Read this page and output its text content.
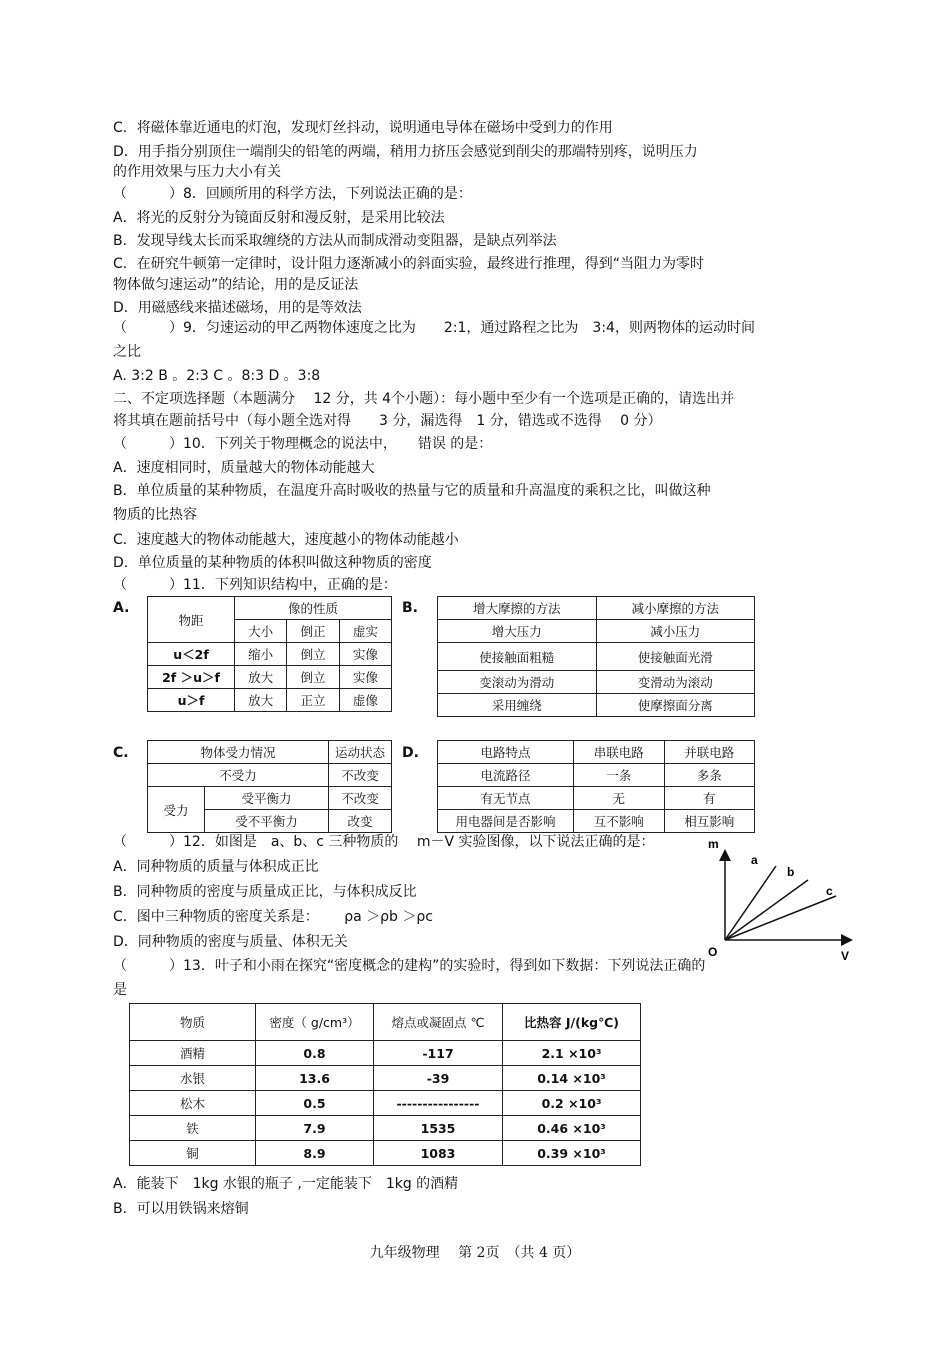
C．将磁体靠近通电的灯泡，发现灯丝抖动，说明通电导体在磁场中受到力的作用
D．用手指分别顶住一端削尖的铅笔的两端，稍用力挤压会感觉到削尖的那端特别疼，说明压力
的作用效果与压力大小有关
（　　　）8．回顾所用的科学方法，下列说法正确的是：
A．将光的反射分为镜面反射和漫反射，是采用比较法
B．发现导线太长而采取缠绕的方法从而制成滑动变阻器，是缺点列举法
C．在研究牛顿第一定律时，设计阻力逐渐减小的斜面实验，最终进行推理，得到“当阻力为零时
物体做匀速运动”的结论，用的是反证法
D．用磁感线来描述磁场，用的是等效法
（　　　）9．匀速运动的甲乙两物体速度之比为　　2:1，通过路程之比为　3:4，则两物体的运动时间
之比
A. 3:2 B 。2:3 C 。8:3 D 。3:8
二、不定项选择题（本题满分　 12 分，共 4个小题）：每小题中至少有一个选项是正确的，请选出并
将其填在题前括号中（每小题全选对得　　3 分，漏选得　1 分，错选或不选得　 0 分）
（　　　）10．下列关于物理概念的说法中，　　错误 的是：
A．速度相同时，质量越大的物体动能越大
B．单位质量的某种物质，在温度升高时吸收的热量与它的质量和升高温度的乘积之比，叫做这种
物质的比热容
C．速度越大的物体动能越大，速度越小的物体动能越小
D．单位质量的某种物质的体积叫做这种物质的密度
（　　　）11．下列知识结构中，正确的是：
A.	B.
C.	D.
物距	像的性质		
	大小	倒正	虚实
u＜2f	缩小	倒立	实像
2f ＞u＞f	放大	倒立	实像
u＞f	放大	正立	虚像
增大摩擦的方法	减小摩擦的方法
增大压力	减小压力
使接触面粗糙	使接触面光滑
变滚动为滑动	变滑动为滚动
采用缠绕	使摩擦面分离
物体受力情况		运动状态
不受力		不改变
受力	受平衡力	不改变
	受不平衡力	改变
电路特点	串联电路	并联电路
电流路径	一条	多条
有无节点	无	有
用电器间是否影响	互不影响	相互影响
（　　　）12．如图是　a、b、c 三种物质的　 m－V 实验图像，以下说法正确的是：
A．同种物质的质量与体积成正比
B．同种物质的密度与质量成正比，与体积成反比
C．图中三种物质的密度关系是：　　 ρa ＞ρb ＞ρc
D．同种物质的密度与质量、体积无关
m
V
O
a
b
c
（　　　）13．叶子和小雨在探究“密度概念的建构”的实验时，得到如下数据：下列说法正确的
是
物质	密度（ g/cm³）	熔点或凝固点 ℃	比热容 J/(kg℃)
酒精	0.8	-117	2.1 ×10³
水银	13.6	-39	0.14 ×10³
松木	0.5	----------------	0.2 ×10³
铁	7.9	1535	0.46 ×10³
铜	8.9	1083	0.39 ×10³
A．能装下　1kg 水银的瓶子 ,一定能装下　1kg 的酒精
B．可以用铁锅来熔铜
九年级物理　 第 2页　（共 4 页）
